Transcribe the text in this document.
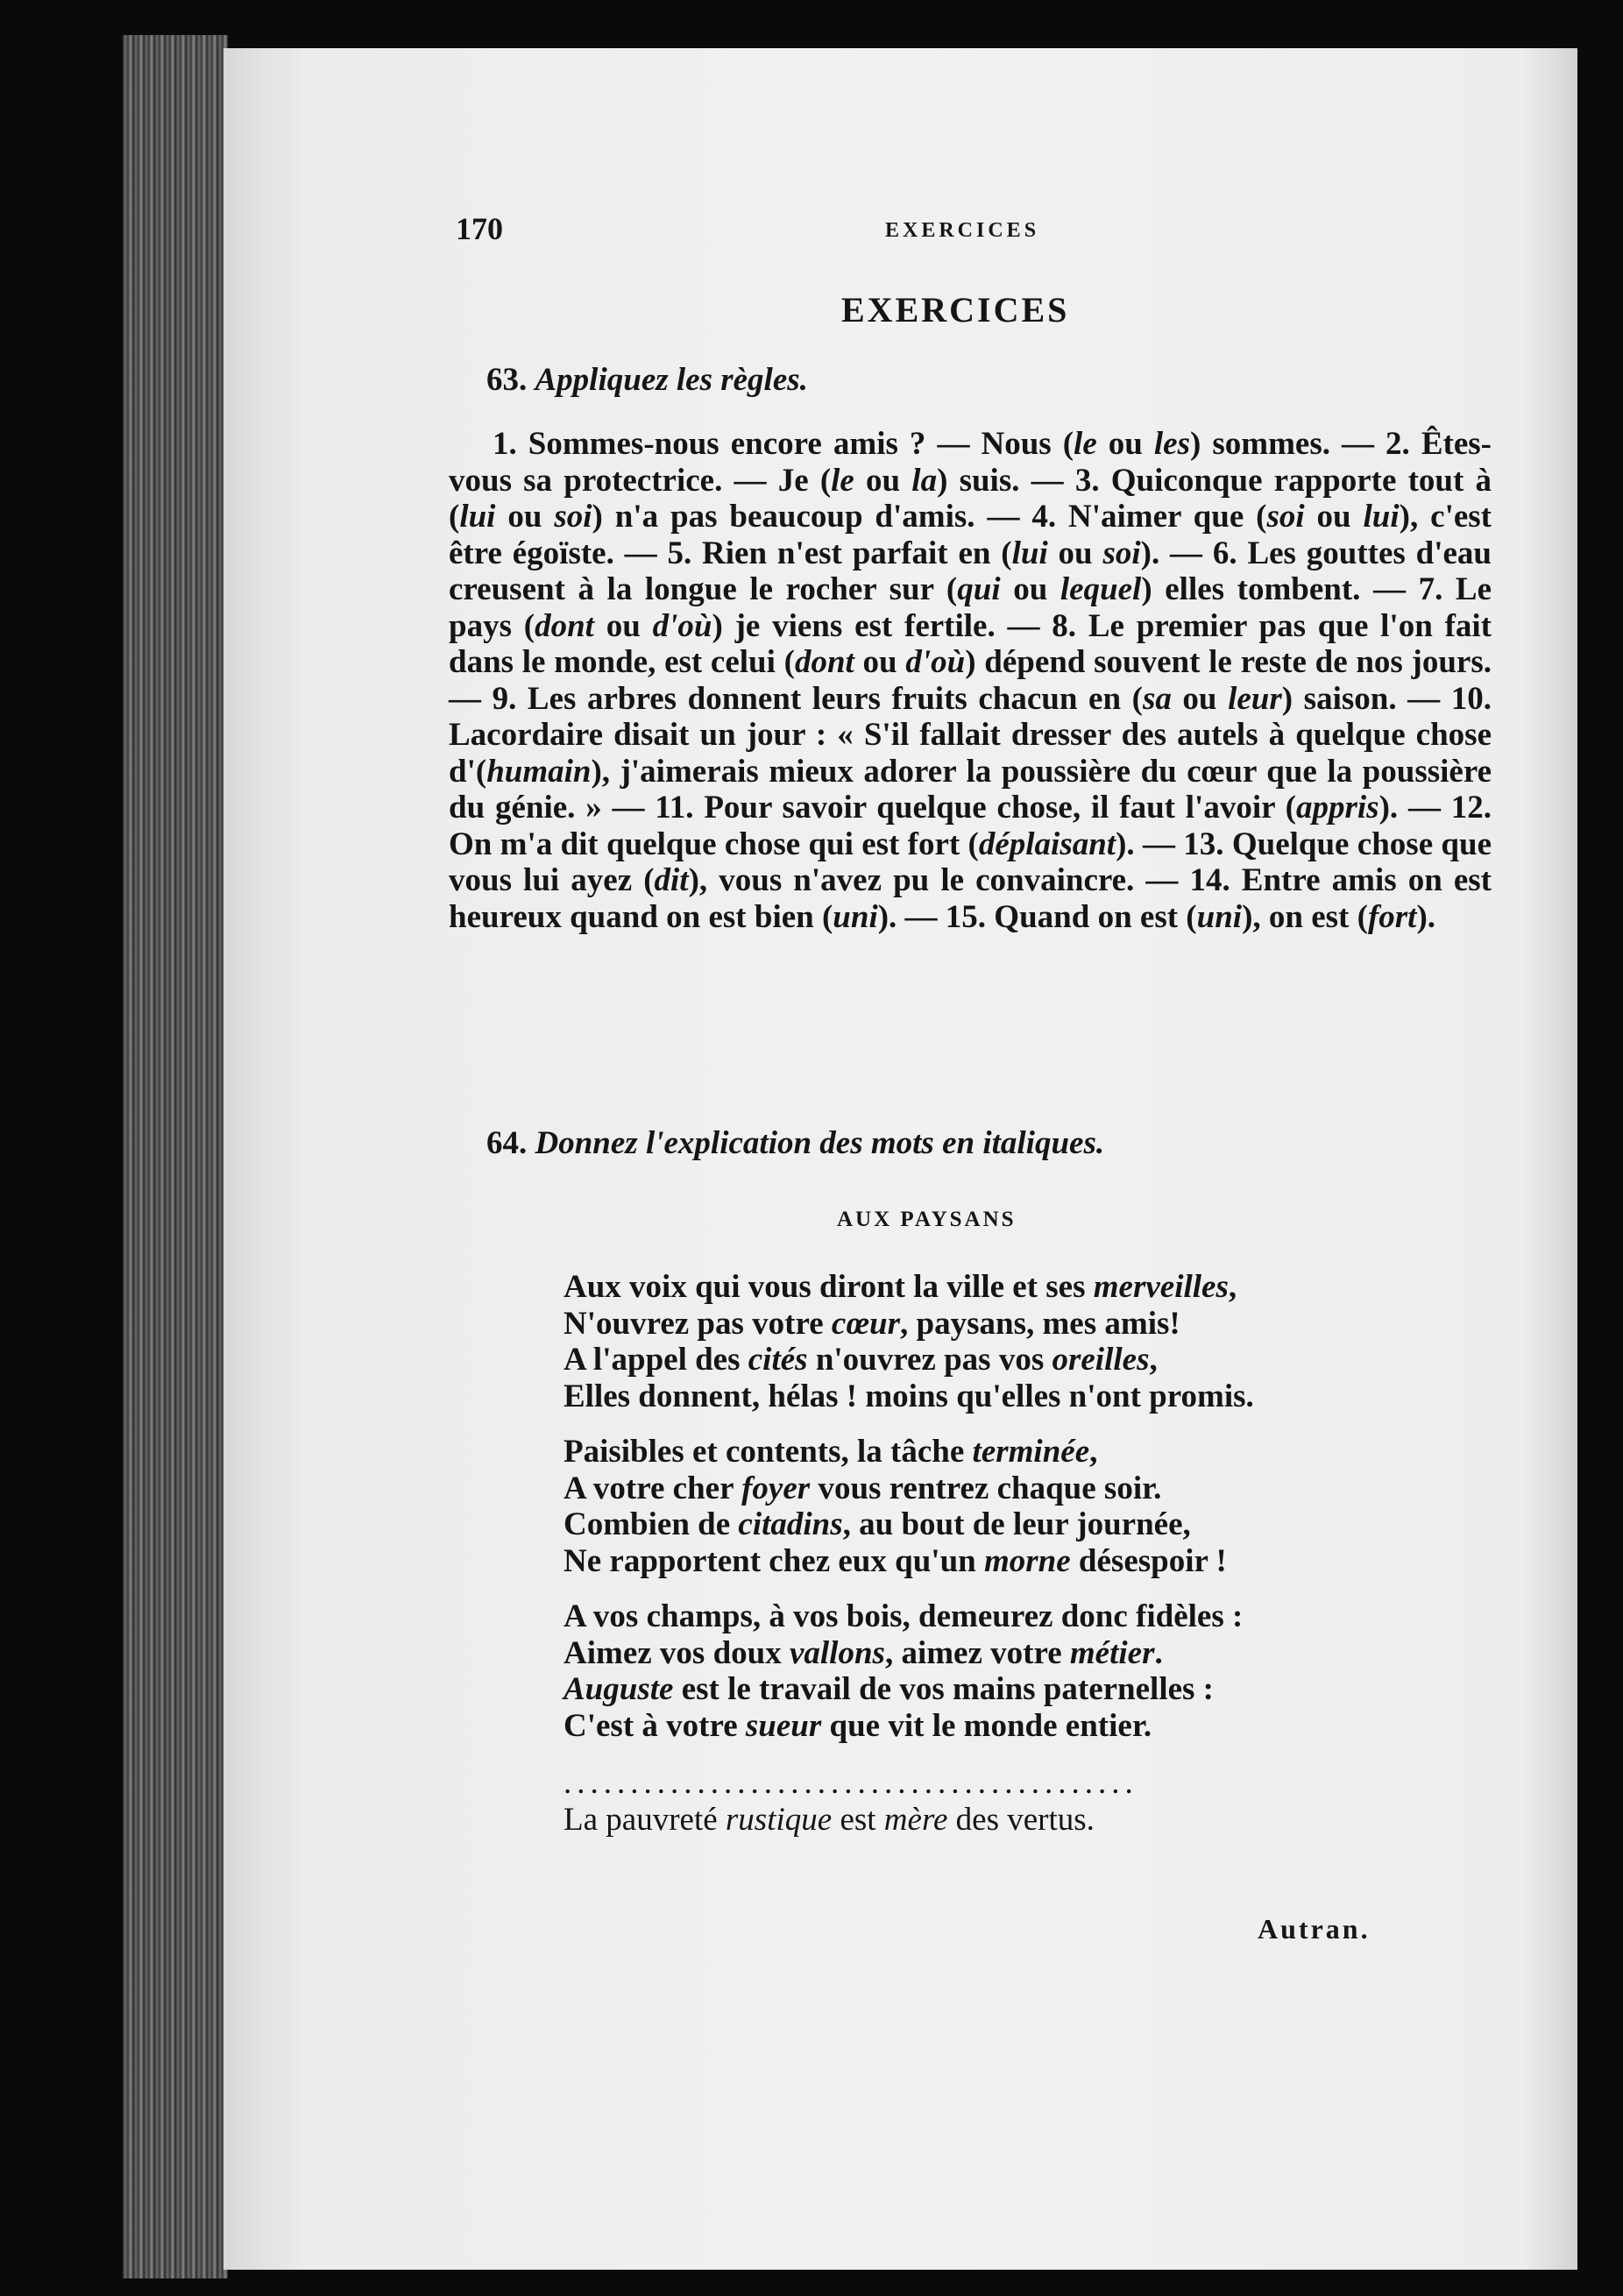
170	EXERCICES
EXERCICES
63. Appliquez les règles.

1. Sommes-nous encore amis ? — Nous (le ou les) sommes. — 2. Êtes-vous sa protectrice. — Je (le ou la) suis. — 3. Quiconque rapporte tout à (lui ou soi) n'a pas beaucoup d'amis. — 4. N'aimer que (soi ou lui), c'est être égoïste. — 5. Rien n'est parfait en (lui ou soi). — 6. Les gouttes d'eau creusent à la longue le rocher sur (qui ou lequel) elles tombent. — 7. Le pays (dont ou d'où) je viens est fertile. — 8. Le premier pas que l'on fait dans le monde, est celui (dont ou d'où) dépend souvent le reste de nos jours. — 9. Les arbres donnent leurs fruits chacun en (sa ou leur) saison. — 10. Lacordaire disait un jour : « S'il fallait dresser des autels à quelque chose d'(humain), j'aimerais mieux adorer la poussière du cœur que la poussière du génie. » — 11. Pour savoir quelque chose, il faut l'avoir (appris). — 12. On m'a dit quelque chose qui est fort (déplaisant). — 13. Quelque chose que vous lui ayez (dit), vous n'avez pu le convaincre. — 14. Entre amis on est heureux quand on est bien (uni). — 15. Quand on est (uni), on est (fort).

64. Donnez l'explication des mots en italiques.
AUX PAYSANS
Aux voix qui vous diront la ville et ses merveilles,
N'ouvrez pas votre cœur, paysans, mes amis!
A l'appel des cités n'ouvrez pas vos oreilles,
Elles donnent, hélas ! moins qu'elles n'ont promis.
Paisibles et contents, la tâche terminée,
A votre cher foyer vous rentrez chaque soir.
Combien de citadins, au bout de leur journée,
Ne rapportent chez eux qu'un morne désespoir !
A vos champs, à vos bois, demeurez donc fidèles :
Aimez vos doux vallons, aimez votre métier.
Auguste est le travail de vos mains paternelles :
C'est à votre sueur que vit le monde entier.
...........................................
La pauvreté rustique est mère des vertus.
Autran.
